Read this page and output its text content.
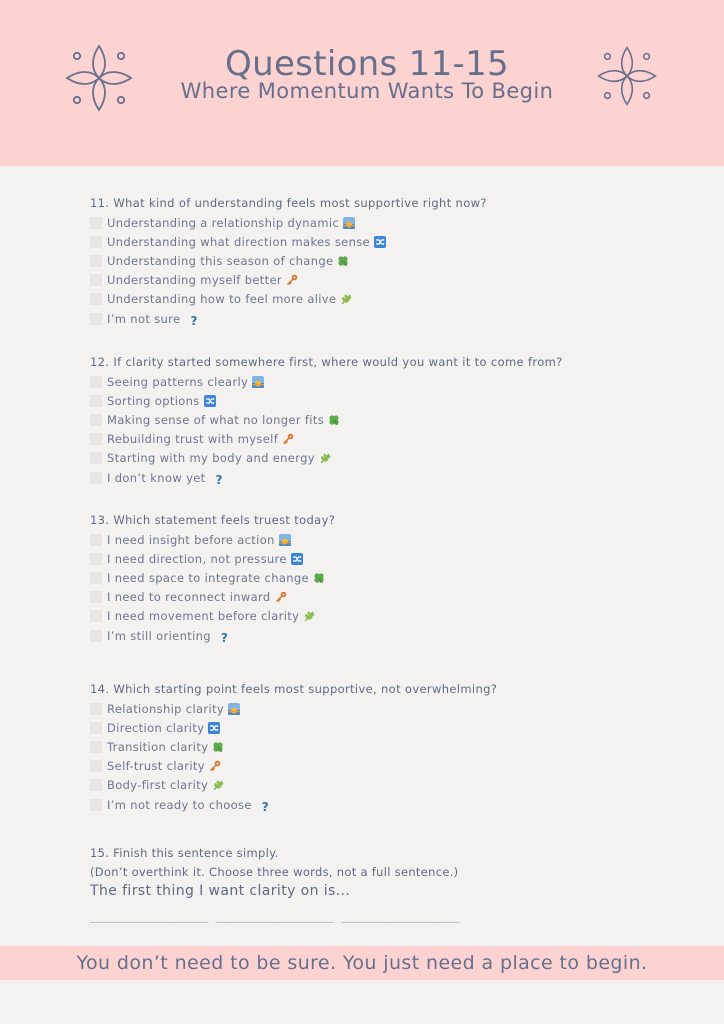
Questions 11-15
Where Momentum Wants To Begin
11. What kind of understanding feels most supportive right now?
Understanding a relationship dynamic
Understanding what direction makes sense
Understanding this season of change
Understanding myself better
Understanding how to feel more alive
I’m not sure ?
12. If clarity started somewhere first, where would you want it to come from?
Seeing patterns clearly
Sorting options
Making sense of what no longer fits
Rebuilding trust with myself
Starting with my body and energy
I don’t know yet ?
13. Which statement feels truest today?
I need insight before action
I need direction, not pressure
I need space to integrate change
I need to reconnect inward
I need movement before clarity
I’m still orienting ?
14. Which starting point feels most supportive, not overwhelming?
Relationship clarity
Direction clarity
Transition clarity
Self-trust clarity
Body-first clarity
I’m not ready to choose ?
15. Finish this sentence simply.
(Don’t overthink it. Choose three words, not a full sentence.)
The first thing I want clarity on is...
________________________ ________________________ ________________________
You don’t need to be sure. You just need a place to begin.
